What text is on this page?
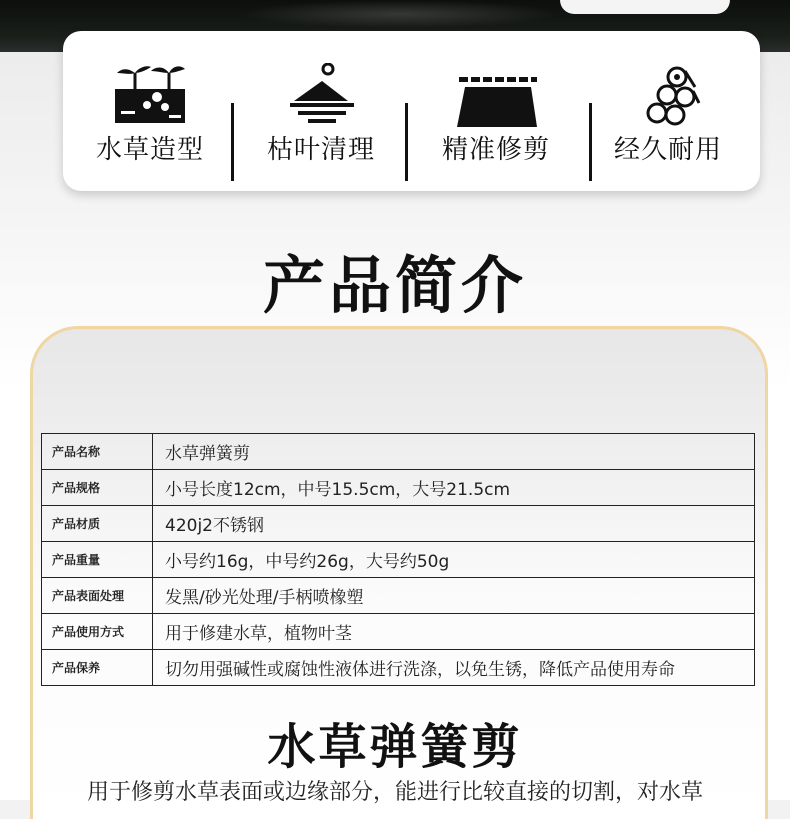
水草造型	枯叶清理	精准修剪	经久耐用
产品简介
产品名称	水草弹簧剪
产品规格	小号长度12cm，中号15.5cm，大号21.5cm
产品材质	420j2不锈钢
产品重量	小号约16g，中号约26g，大号约50g
产品表面处理	发黑/砂光处理/手柄喷橡塑
产品使用方式	用于修建水草，植物叶茎
产品保养	切勿用强碱性或腐蚀性液体进行洗涤，以免生锈，降低产品使用寿命
水草弹簧剪
用于修剪水草表面或边缘部分，能进行比较直接的切割，对水草
